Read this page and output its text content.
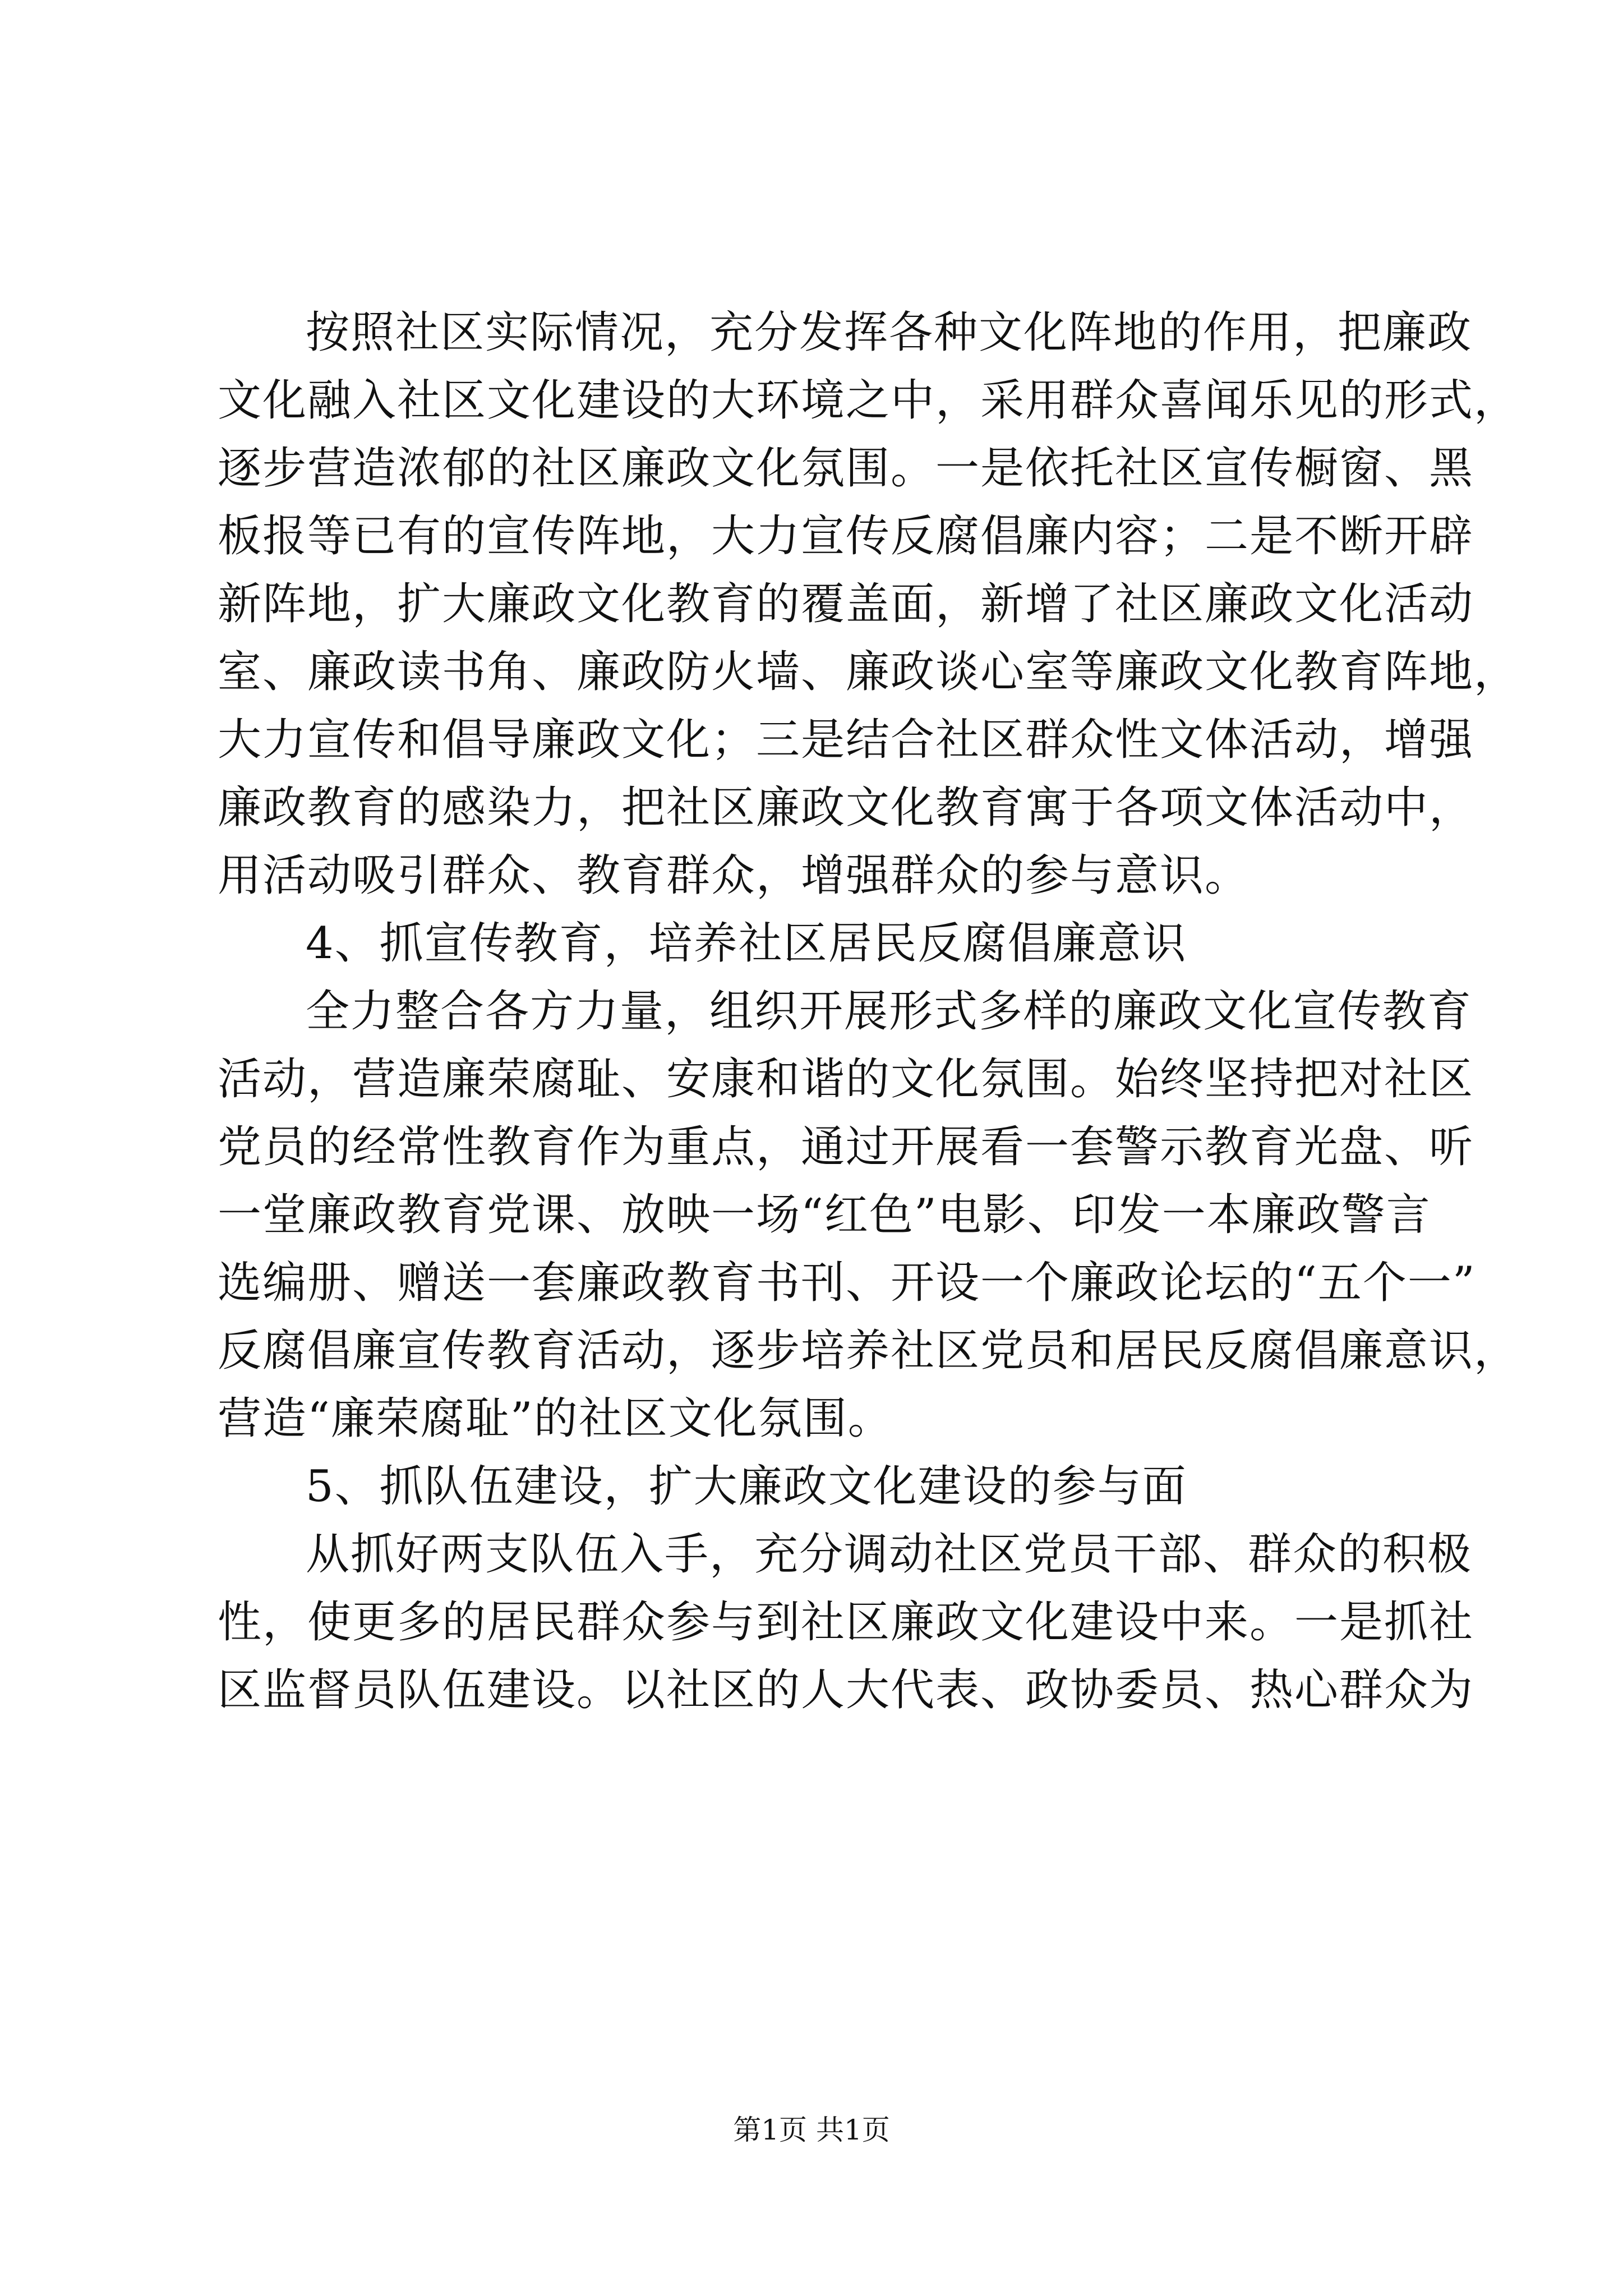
按照社区实际情况，充分发挥各种文化阵地的作用，把廉政
文化融入社区文化建设的大环境之中，采用群众喜闻乐见的形式，
逐步营造浓郁的社区廉政文化氛围。一是依托社区宣传橱窗、黑
板报等已有的宣传阵地，大力宣传反腐倡廉内容；二是不断开辟
新阵地，扩大廉政文化教育的覆盖面，新增了社区廉政文化活动
室、廉政读书角、廉政防火墙、廉政谈心室等廉政文化教育阵地，
大力宣传和倡导廉政文化；三是结合社区群众性文体活动，增强
廉政教育的感染力，把社区廉政文化教育寓于各项文体活动中，
用活动吸引群众、教育群众，增强群众的参与意识。
4、抓宣传教育，培养社区居民反腐倡廉意识
全力整合各方力量，组织开展形式多样的廉政文化宣传教育
活动，营造廉荣腐耻、安康和谐的文化氛围。始终坚持把对社区
党员的经常性教育作为重点，通过开展看一套警示教育光盘、听
一堂廉政教育党课、放映一场“红色”电影、印发一本廉政警言
选编册、赠送一套廉政教育书刊、开设一个廉政论坛的“五个一”
反腐倡廉宣传教育活动，逐步培养社区党员和居民反腐倡廉意识，
营造“廉荣腐耻”的社区文化氛围。
5、抓队伍建设，扩大廉政文化建设的参与面
从抓好两支队伍入手，充分调动社区党员干部、群众的积极
性，使更多的居民群众参与到社区廉政文化建设中来。一是抓社
区监督员队伍建设。以社区的人大代表、政协委员、热心群众为
第1页 共1页
